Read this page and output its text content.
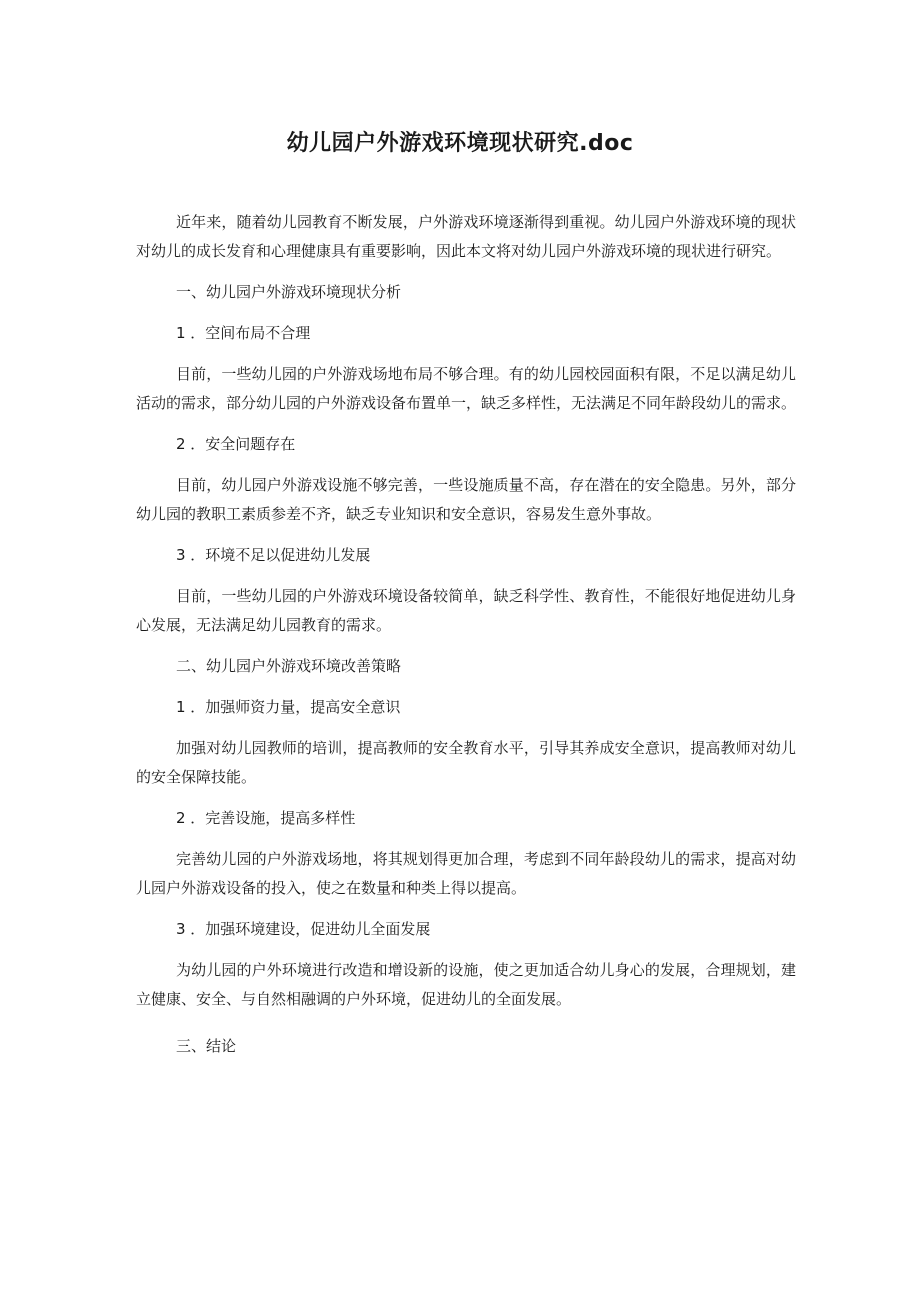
幼儿园户外游戏环境现状研究.doc

近年来，随着幼儿园教育不断发展，户外游戏环境逐渐得到重视。幼儿园户外游戏环境的现状对幼儿的成长发育和心理健康具有重要影响，因此本文将对幼儿园户外游戏环境的现状进行研究。

一、幼儿园户外游戏环境现状分析

1 ．空间布局不合理

目前，一些幼儿园的户外游戏场地布局不够合理。有的幼儿园校园面积有限，不足以满足幼儿活动的需求，部分幼儿园的户外游戏设备布置单一，缺乏多样性，无法满足不同年龄段幼儿的需求。

2 ．安全问题存在

目前，幼儿园户外游戏设施不够完善，一些设施质量不高，存在潜在的安全隐患。另外，部分幼儿园的教职工素质参差不齐，缺乏专业知识和安全意识，容易发生意外事故。

3 ．环境不足以促进幼儿发展

目前，一些幼儿园的户外游戏环境设备较简单，缺乏科学性、教育性，不能很好地促进幼儿身心发展，无法满足幼儿园教育的需求。

二、幼儿园户外游戏环境改善策略

1 ．加强师资力量，提高安全意识

加强对幼儿园教师的培训，提高教师的安全教育水平，引导其养成安全意识，提高教师对幼儿的安全保障技能。

2 ．完善设施，提高多样性

完善幼儿园的户外游戏场地，将其规划得更加合理，考虑到不同年龄段幼儿的需求，提高对幼儿园户外游戏设备的投入，使之在数量和种类上得以提高。

3 ．加强环境建设，促进幼儿全面发展

为幼儿园的户外环境进行改造和增设新的设施，使之更加适合幼儿身心的发展，合理规划，建立健康、安全、与自然相融调的户外环境，促进幼儿的全面发展。

三、结论
